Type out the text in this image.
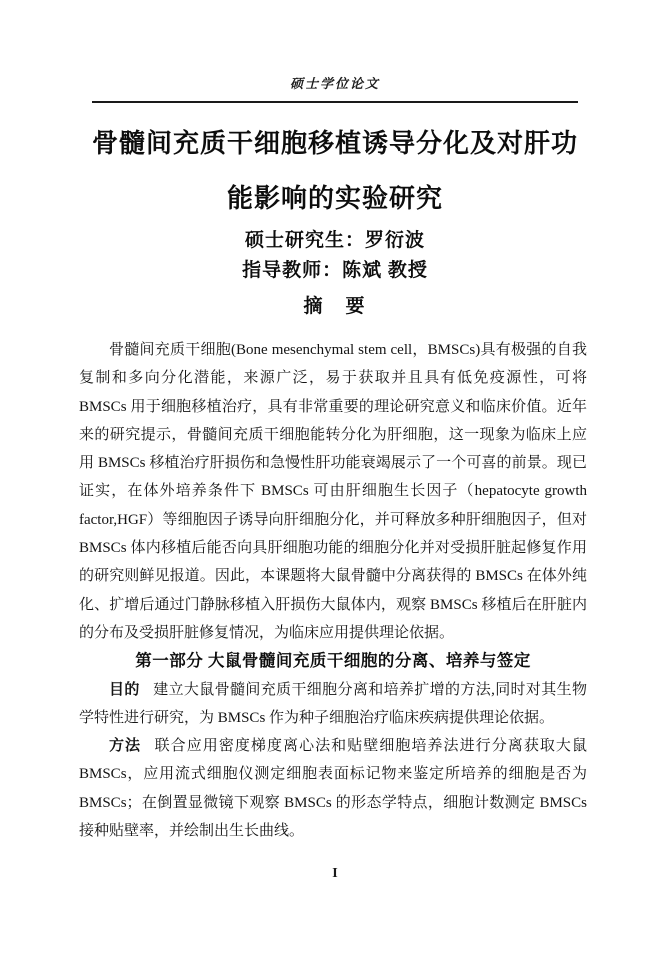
硕士学位论文
骨髓间充质干细胞移植诱导分化及对肝功
能影响的实验研究
硕士研究生：罗衍波
指导教师：陈斌 教授
摘　要

骨髓间充质干细胞(Bone mesenchymal stem cell，BMSCs)具有极强的自我复制和多向分化潜能，来源广泛，易于获取并且具有低免疫源性，可将 BMSCs 用于细胞移植治疗，具有非常重要的理论研究意义和临床价值。近年来的研究提示，骨髓间充质干细胞能转分化为肝细胞，这一现象为临床上应用 BMSCs 移植治疗肝损伤和急慢性肝功能衰竭展示了一个可喜的前景。现已证实，在体外培养条件下 BMSCs 可由肝细胞生长因子（hepatocyte growth factor,HGF）等细胞因子诱导向肝细胞分化，并可释放多种肝细胞因子，但对 BMSCs 体内移植后能否向具肝细胞功能的细胞分化并对受损肝脏起修复作用的研究则鲜见报道。因此，本课题将大鼠骨髓中分离获得的 BMSCs 在体外纯化、扩增后通过门静脉移植入肝损伤大鼠体内，观察 BMSCs 移植后在肝脏内的分布及受损肝脏修复情况，为临床应用提供理论依据。

第一部分 大鼠骨髓间充质干细胞的分离、培养与签定

目的 建立大鼠骨髓间充质干细胞分离和培养扩增的方法,同时对其生物学特性进行研究，为 BMSCs 作为种子细胞治疗临床疾病提供理论依据。

方法 联合应用密度梯度离心法和贴壁细胞培养法进行分离获取大鼠 BMSCs，应用流式细胞仪测定细胞表面标记物来鉴定所培养的细胞是否为 BMSCs；在倒置显微镜下观察 BMSCs 的形态学特点，细胞计数测定 BMSCs 接种贴壁率，并绘制出生长曲线。

I
